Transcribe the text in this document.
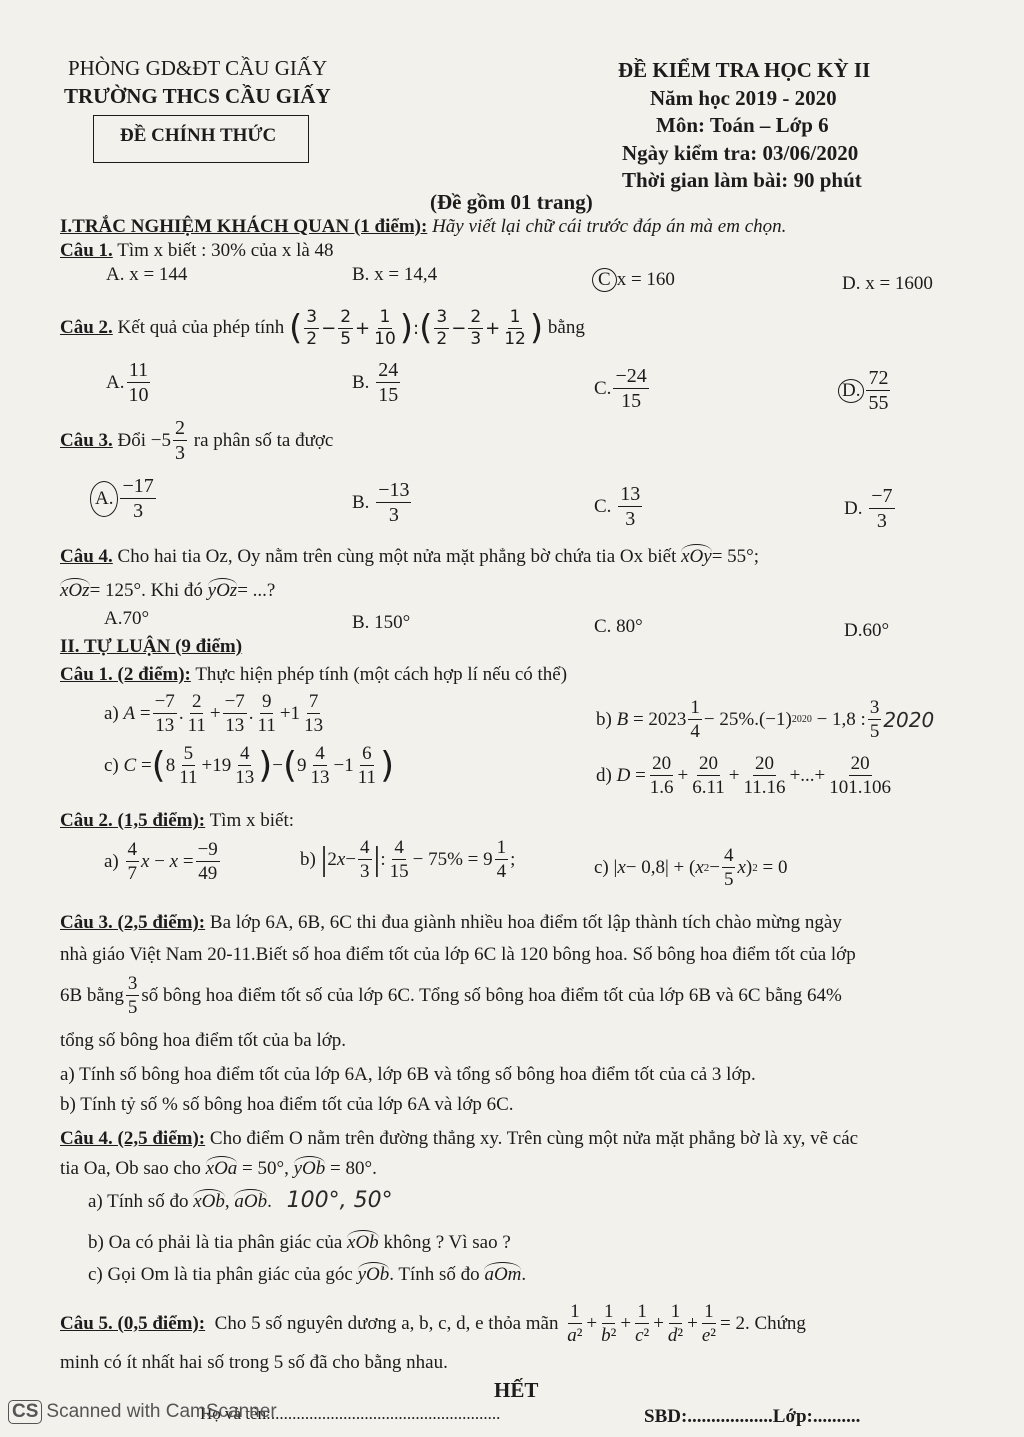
PHÒNG GD&ĐT CẦU GIẤY
TRƯỜNG THCS CẦU GIẤY
ĐỀ CHÍNH THỨC
ĐỀ KIỂM TRA HỌC KỲ II
Năm học 2019 - 2020
Môn: Toán – Lớp 6
Ngày kiểm tra: 03/06/2020
Thời gian làm bài: 90 phút
(Đề gồm 01 trang)
I.TRẮC NGHIỆM KHÁCH QUAN (1 điểm): Hãy viết lại chữ cái trước đáp án mà em chọn.
Câu 1. Tìm x biết : 30% của x là 48
A. x = 144	B. x = 14,4	C x = 160	D. x = 1600
Câu 2.
Kết quả của phép tính
( $\frac{3}{2} - \frac{2}{5} + \frac{1}{10}$ ) : ( $\frac{3}{2} - \frac{2}{3} + \frac{1}{12}$ )
bằng
A. $\frac{11}{10}$	B.
$\frac{24}{15}$	C. $\frac{-24}{15}$	D. $\frac{72}{55}$
Câu 3.
Đổi $-5 \frac{2}{3}$
ra phân số ta được
A. $\frac{-17}{3}$	B.
$\frac{-13}{3}$	C.
$\frac{13}{3}$	D.
$\frac{-7}{3}$
Câu 4. Cho hai tia Oz, Oy nằm trên cùng một nửa mặt phẳng bờ chứa tia Ox biết xOy= 55°;
xOz= 125°. Khi đó yOz= ...?
A.70°	B. 150°	C. 80°	D.60°
II. TỰ LUẬN (9 điểm)
Câu 1. (2 điểm): Thực hiện phép tính (một cách hợp lí nếu có thể)
a) $A = \frac{-7}{13}$ . $\frac{2}{11} + \frac{-7}{13}$ . $\frac{9}{11} +1 \frac{7}{13}$	b) $B = 2023 \frac{1}{4} - 25\%.(-1) 2020 - 1,8$ : $\frac{3}{5} 2020$
c) C = ( $8 \frac{5}{11} +19 \frac{4}{13}$ ) − ( $9 \frac{4}{13} -1 \frac{6}{11}$ )	d) $D = \frac{20}{1.6} + \frac{20}{6.11} + \frac{20}{11.16}$ +...+ $\frac{20}{101.106}$
Câu 2. (1,5 điểm): Tìm x biết:
$a) \frac{4}{7}$ $x - x = \frac{-9}{49}$	b) | 2 $x - \frac{4}{3}$ | : $\frac{4}{15} - 75\% = 9 \frac{1}{4}$ ;	c) | x − 0,8| + ( x $2 - \frac{4}{5}$ x ) 2 = 0
Câu 3. (2,5 điểm): Ba lớp 6A, 6B, 6C thi đua giành nhiều hoa điểm tốt lập thành tích chào mừng ngày
nhà giáo Việt Nam 20-11.Biết số hoa điểm tốt của lớp 6C là 120 bông hoa. Số bông hoa điểm tốt của lớp
6B bằng $\frac{3}{5}$ số bông hoa điểm tốt số của lớp 6C. Tổng số bông hoa điểm tốt của lớp 6B và 6C bằng 64%
tổng số bông hoa điểm tốt của ba lớp.
a) Tính số bông hoa điểm tốt của lớp 6A, lớp 6B và tổng số bông hoa điểm tốt của cả 3 lớp.
b) Tính tỷ số % số bông hoa điểm tốt của lớp 6A và lớp 6C.
Câu 4. (2,5 điểm): Cho điểm O nằm trên đường thẳng xy. Trên cùng một nửa mặt phẳng bờ là xy, vẽ các
tia Oa, Ob sao cho xOa = 50°, yOb = 80°.
a) Tính số đo xOb, aOb. 100°, 50°
b) Oa có phải là tia phân giác của xOb không ? Vì sao ?
c) Gọi Om là tia phân giác của góc yOb. Tính số đo aOm.
Câu 5. (0,5 điểm):
Cho 5 số nguyên dương a, b, c, d, e thỏa mãn
$\frac{1}{\text{a²}} + \frac{1}{\text{b²}} + \frac{1}{\text{c²}} + \frac{1}{\text{d²}} + \frac{1}{\text{e²}} = 2$. Chứng
minh có ít nhất hai số trong 5 số đã cho bằng nhau.
HẾT
Họ và tên:......................................................	SBD:..................Lớp:..........
CS Scanned with CamScanner
